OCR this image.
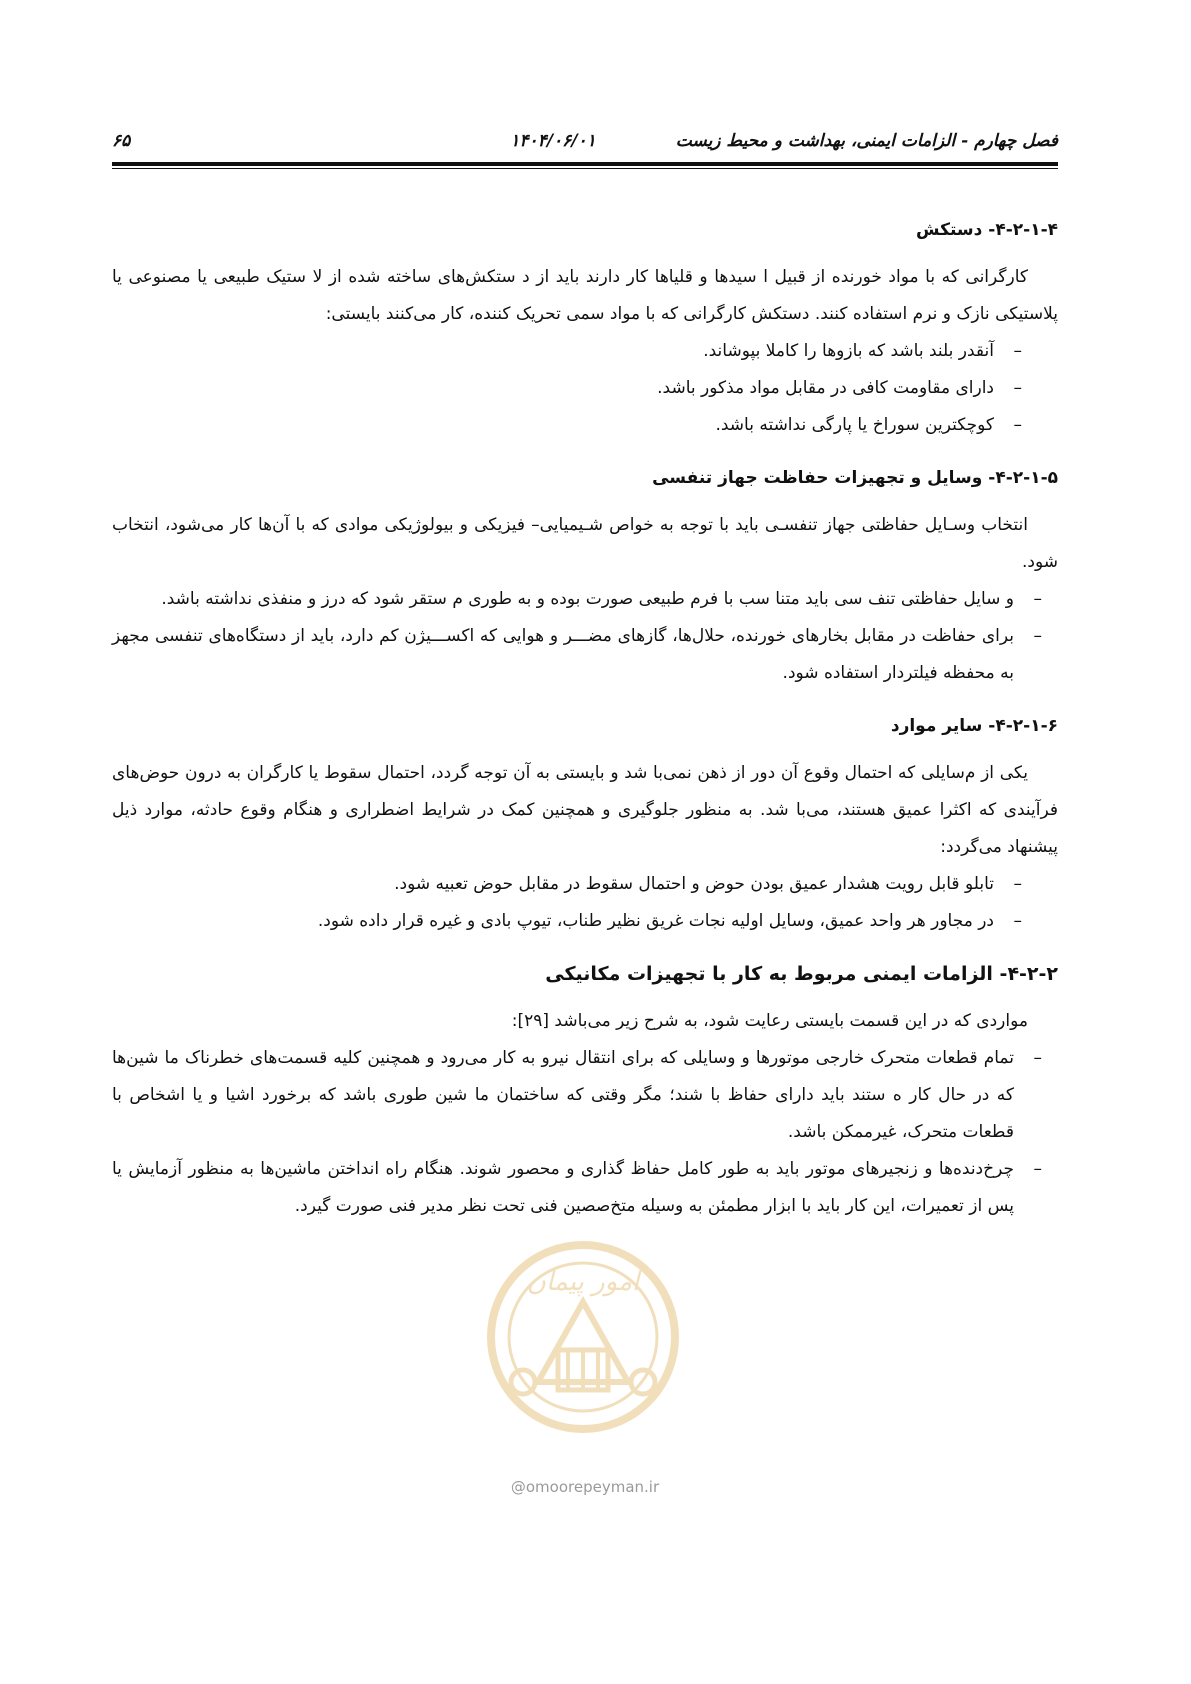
فصل چهارم - الزامات ایمنی، بهداشت و محیط زیست
۱۴۰۴/۰۶/۰۱
۶۵

۴-۲-۱-۴- دستکش

کارگرانی که با مواد خورنده از قبیل ا سیدها و قلیاها کار دارند باید از د ستکش‌های ساخته شده از لا ستیک طبیعی یا مصنوعی یا پلاستیکی نازک و نرم استفاده کنند. دستکش کارگرانی که با مواد سمی تحریک کننده، کار می‌کنند بایستی:

–
آنقدر بلند باشد که بازوها را کاملا بپوشاند.
–
دارای مقاومت کافی در مقابل مواد مذکور باشد.
–
کوچکترین سوراخ یا پارگی نداشته باشد.

۴-۲-۱-۵- وسایل و تجهیزات حفاظت جهاز تنفسی

انتخاب وسـایل حفاظتی جهاز تنفسـی باید با توجه به خواص شـیمیایی– فیزیکی و بیولوژیکی موادی که با آن‌ها کار می‌شود، انتخاب شود.

–
و سایل حفاظتی تنف سی باید متنا سب با فرم طبیعی صورت بوده و به طوری م ستقر شود که درز و منفذی نداشته باشد.
–
برای حفاظت در مقابل بخارهای خورنده، حلال‌ها، گازهای مضـــر و هوایی که اکســـیژن کم دارد، باید از دستگاه‌های تنفسی مجهز به محفظه فیلتردار استفاده شود.

۴-۲-۱-۶- سایر موارد

یکی از م‌سایلی که احتمال وقوع آن دور از ذهن نمی‌با شد و بایستی به آن توجه گردد، احتمال سقوط یا کارگران به درون حوض‌های فرآیندی که اکثرا عمیق هستند، می‌با شد. به منظور جلوگیری و همچنین کمک در شرایط اضطراری و هنگام وقوع حادثه، موارد ذیل پیشنهاد می‌گردد:

–
تابلو قابل رویت هشدار عمیق بودن حوض و احتمال سقوط در مقابل حوض تعبیه شود.
–
در مجاور هر واحد عمیق، وسایل اولیه نجات غریق نظیر طناب، تیوپ بادی و غیره قرار داده شود.

۴-۲-۲- الزامات ایمنی مربوط به کار با تجهیزات مکانیکی

مواردی که در این قسمت بایستی رعایت شود، به شرح زیر می‌باشد [۲۹]:

–
تمام قطعات متحرک خارجی موتورها و وسایلی که برای انتقال نیرو به کار می‌رود و همچنین کلیه قسمت‌های خطرناک ما شین‌ها که در حال کار ه ستند باید دارای حفاظ با شند؛ مگر وقتی که ساختمان ما شین طوری باشد که برخورد اشیا و یا اشخاص با قطعات متحرک، غیرممکن باشد.
–
چرخ‌دنده‌ها و زنجیرهای موتور باید به طور کامل حفاظ گذاری و محصور شوند. هنگام راه انداختن ماشین‌ها به منظور آزمایش یا پس از تعمیرات، این کار باید با ابزار مطمئن به وسیله متخ‌صصین فنی تحت نظر مدیر فنی صورت گیرد.
امور پیمان
@omoorepeyman.ir
